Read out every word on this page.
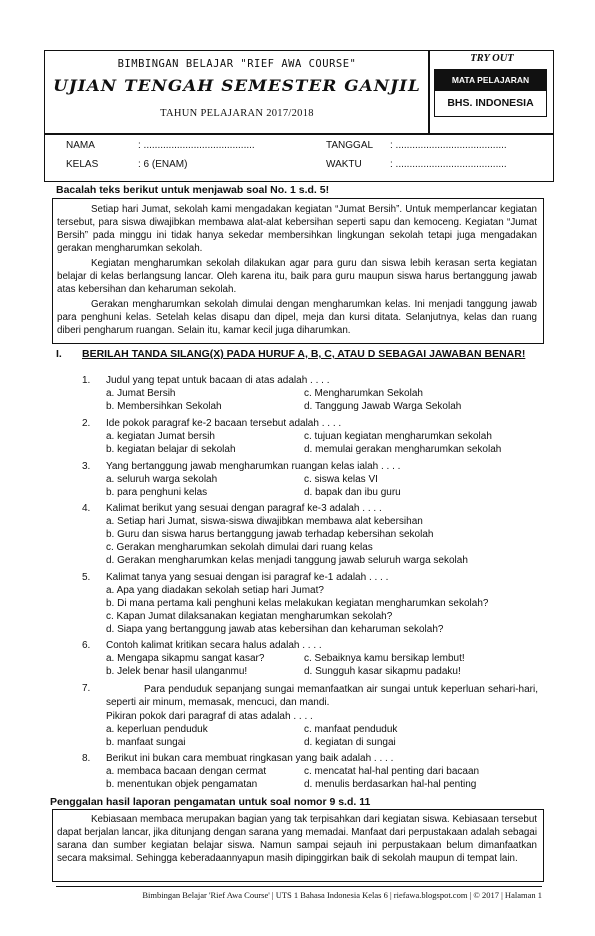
BIMBINGAN BELAJAR "RIEF AWA COURSE"
UJIAN TENGAH SEMESTER GANJIL
TAHUN PELAJARAN 2017/2018
TRY OUT
MATA PELAJARAN
BHS. INDONESIA
NAMA	: ........................................
KELAS	: 6 (ENAM)
TANGGAL : ........................................
WAKTU	: ........................................
Bacalah teks berikut untuk menjawab soal No. 1 s.d. 5!
Setiap hari Jumat, sekolah kami mengadakan kegiatan “Jumat Bersih”. Untuk memperlancar kegiatan tersebut, para siswa diwajibkan membawa alat-alat kebersihan seperti sapu dan kemoceng. Kegiatan “Jumat Bersih” pada minggu ini tidak hanya sekedar membersihkan lingkungan sekolah tetapi juga mengadakan gerakan mengharumkan sekolah.
Kegiatan mengharumkan sekolah dilakukan agar para guru dan siswa lebih kerasan serta kegiatan belajar di kelas berlangsung lancar. Oleh karena itu, baik para guru maupun siswa harus bertanggung jawab atas kebersihan dan keharuman sekolah.
Gerakan mengharumkan sekolah dimulai dengan mengharumkan kelas. Ini menjadi tanggung jawab para penghuni kelas. Setelah kelas disapu dan dipel, meja dan kursi ditata. Selanjutnya, kelas dan ruang diberi pengharum ruangan. Selain itu, kamar kecil juga diharumkan.
I. BERILAH TANDA SILANG(X) PADA HURUF A, B, C, ATAU D SEBAGAI JAWABAN BENAR!
1. Judul yang tepat untuk bacaan di atas adalah . . . .
a. Jumat Bersih
b. Membersihkan Sekolah
c. Mengharumkan Sekolah
d. Tanggung Jawab Warga Sekolah
2. Ide pokok paragraf ke-2 bacaan tersebut adalah . . . .
a. kegiatan Jumat bersih
b. kegiatan belajar di sekolah
c. tujuan kegiatan mengharumkan sekolah
d. memulai gerakan mengharumkan sekolah
3. Yang bertanggung jawab mengharumkan ruangan kelas ialah . . . .
a. seluruh warga sekolah
b. para penghuni kelas
c. siswa kelas VI
d. bapak dan ibu guru
4. Kalimat berikut yang sesuai dengan paragraf ke-3 adalah . . . .
a. Setiap hari Jumat, siswa-siswa diwajibkan membawa alat kebersihan
b. Guru dan siswa harus bertanggung jawab terhadap kebersihan sekolah
c. Gerakan mengharumkan sekolah dimulai dari ruang kelas
d. Gerakan mengharumkan kelas menjadi tanggung jawab seluruh warga sekolah
5. Kalimat tanya yang sesuai dengan isi paragraf ke-1 adalah . . . .
a. Apa yang diadakan sekolah setiap hari Jumat?
b. Di mana pertama kali penghuni kelas melakukan kegiatan mengharumkan sekolah?
c. Kapan Jumat dilaksanakan kegiatan mengharumkan sekolah?
d. Siapa yang bertanggung jawab atas kebersihan dan keharuman sekolah?
6. Contoh kalimat kritikan secara halus adalah . . . .
a. Mengapa sikapmu sangat kasar?
b. Jelek benar hasil ulanganmu!
c. Sebaiknya kamu bersikap lembut!
d. Sungguh kasar sikapmu padaku!
7.	Para penduduk sepanjang sungai memanfaatkan air sungai untuk keperluan sehari-hari, seperti air minum, memasak, mencuci, dan mandi.
Pikiran pokok dari paragraf di atas adalah . . . .
a. keperluan penduduk
b. manfaat sungai
c. manfaat penduduk
d. kegiatan di sungai
8. Berikut ini bukan cara membuat ringkasan yang baik adalah . . . .
a. membaca bacaan dengan cermat
b. menentukan objek pengamatan
c. mencatat hal-hal penting dari bacaan
d. menulis berdasarkan hal-hal penting
Penggalan hasil laporan pengamatan untuk soal nomor 9 s.d. 11
Kebiasaan membaca merupakan bagian yang tak terpisahkan dari kegiatan siswa. Kebiasaan tersebut dapat berjalan lancar, jika ditunjang dengan sarana yang memadai. Manfaat dari perpustakaan adalah sebagai sarana dan sumber kegiatan belajar siswa. Namun sampai sejauh ini perpustakaan belum dimanfaatkan secara maksimal. Sehingga keberadaannyapun masih dipinggirkan baik di sekolah maupun di tempat lain.
Bimbingan Belajar 'Rief Awa Course' | UTS 1 Bahasa Indonesia Kelas 6 | riefawa.blogspot.com | © 2017 | Halaman 1
